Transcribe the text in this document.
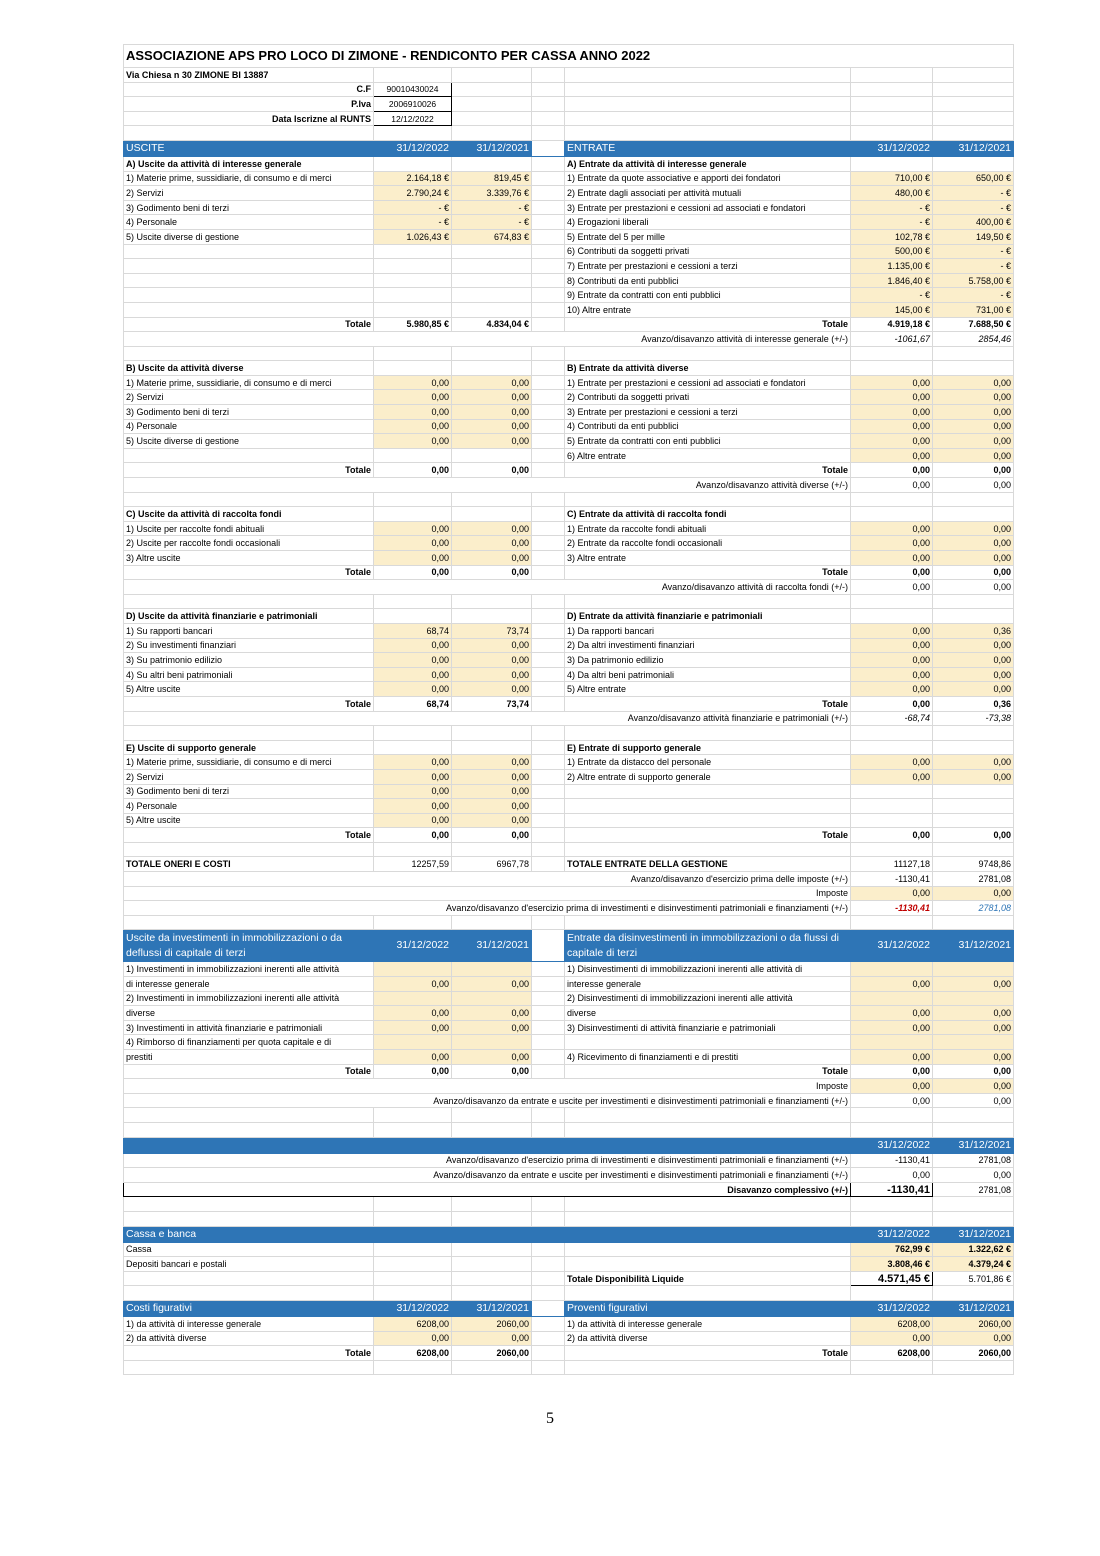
ASSOCIAZIONE APS PRO LOCO DI ZIMONE - RENDICONTO PER CASSA ANNO 2022						
Via Chiesa n 30 ZIMONE BI 13887						
C.F	90010430024					
P.Iva	2006910026					
Data Iscrizne al RUNTS	12/12/2022					

USCITE	31/12/2022	31/12/2021		ENTRATE	31/12/2022	31/12/2021
A) Uscite da attività di interesse generale				A) Entrate da attività di interesse generale		
1) Materie prime, sussidiarie, di consumo e di merci	2.164,18 €	819,45 €		1) Entrate da quote associative e apporti dei fondatori	710,00 €	650,00 €
2) Servizi	2.790,24 €	3.339,76 €		2) Entrate dagli associati per attività mutuali	480,00 €	- €
3) Godimento beni di terzi	- €	- €		3) Entrate per prestazioni e cessioni ad associati e fondatori	- €	- €
4) Personale	- €	- €		4) Erogazioni liberali	- €	400,00 €
5) Uscite diverse di gestione	1.026,43 €	674,83 €		5) Entrate del 5 per mille	102,78 €	149,50 €
				6) Contributi da soggetti privati	500,00 €	- €
				7) Entrate per prestazioni e cessioni a terzi	1.135,00 €	- €
				8) Contributi da enti pubblici	1.846,40 €	5.758,00 €
				9) Entrate da contratti con enti pubblici	- €	- €
				10) Altre entrate	145,00 €	731,00 €
Totale	5.980,85 €	4.834,04 €		Totale	4.919,18 €	7.688,50 €
Avanzo/disavanzo attività di interesse generale (+/-)					-1061,67	2854,46

B) Uscite da attività diverse				B) Entrate da attività diverse		
1) Materie prime, sussidiarie, di consumo e di merci	0,00	0,00		1) Entrate per prestazioni e cessioni ad associati e fondatori	0,00	0,00
2) Servizi	0,00	0,00		2) Contributi da soggetti privati	0,00	0,00
3) Godimento beni di terzi	0,00	0,00		3) Entrate per prestazioni e cessioni a terzi	0,00	0,00
4) Personale	0,00	0,00		4) Contributi da enti pubblici	0,00	0,00
5) Uscite diverse di gestione	0,00	0,00		5) Entrate da contratti con enti pubblici	0,00	0,00
				6) Altre entrate	0,00	0,00
Totale	0,00	0,00		Totale	0,00	0,00
Avanzo/disavanzo attività diverse (+/-)					0,00	0,00

C) Uscite da attività di raccolta fondi				C) Entrate da attività di raccolta fondi		
1) Uscite per raccolte fondi abituali	0,00	0,00		1) Entrate da raccolte fondi abituali	0,00	0,00
2) Uscite per raccolte fondi occasionali	0,00	0,00		2) Entrate da raccolte fondi occasionali	0,00	0,00
3) Altre uscite	0,00	0,00		3) Altre entrate	0,00	0,00
Totale	0,00	0,00		Totale	0,00	0,00
Avanzo/disavanzo attività di raccolta fondi (+/-)					0,00	0,00

D) Uscite da attività finanziarie e patrimoniali				D) Entrate da attività finanziarie e patrimoniali		
1) Su rapporti bancari	68,74	73,74		1) Da rapporti bancari	0,00	0,36
2) Su investimenti finanziari	0,00	0,00		2) Da altri investimenti finanziari	0,00	0,00
3) Su patrimonio edilizio	0,00	0,00		3) Da patrimonio edilizio	0,00	0,00
4) Su altri beni patrimoniali	0,00	0,00		4) Da altri beni patrimoniali	0,00	0,00
5) Altre uscite	0,00	0,00		5) Altre entrate	0,00	0,00
Totale	68,74	73,74		Totale	0,00	0,36
Avanzo/disavanzo attività finanziarie e patrimoniali (+/-)					-68,74	-73,38

E) Uscite di supporto generale				E) Entrate di supporto generale		
1) Materie prime, sussidiarie, di consumo e di merci	0,00	0,00		1) Entrate da distacco del personale	0,00	0,00
2) Servizi	0,00	0,00		2) Altre entrate di supporto generale	0,00	0,00
3) Godimento beni di terzi	0,00	0,00				
4) Personale	0,00	0,00				
5) Altre uscite	0,00	0,00				
Totale	0,00	0,00		Totale	0,00	0,00

TOTALE ONERI E COSTI	12257,59	6967,78		TOTALE ENTRATE DELLA GESTIONE	11127,18	9748,86
Avanzo/disavanzo d'esercizio prima delle imposte (+/-)					-1130,41	2781,08
Imposte					0,00	0,00
Avanzo/disavanzo d'esercizio prima di investimenti e disinvestimenti patrimoniali e finanziamenti (+/-)					-1130,41	2781,08

Uscite da investimenti in immobilizzazioni o da deflussi di capitale di terzi	31/12/2022	31/12/2021		Entrate da disinvestimenti in immobilizzazioni o da flussi di capitale di terzi	31/12/2022	31/12/2021
1) Investimenti in immobilizzazioni inerenti alle attività				1) Disinvestimenti di immobilizzazioni inerenti alle attività di		
di interesse generale	0,00	0,00		interesse generale	0,00	0,00
2) Investimenti in immobilizzazioni inerenti alle attività				2) Disinvestimenti di immobilizzazioni inerenti alle attività		
diverse	0,00	0,00		diverse	0,00	0,00
3) Investimenti in attività finanziarie e patrimoniali	0,00	0,00		3) Disinvestimenti di attività finanziarie e patrimoniali	0,00	0,00
4) Rimborso di finanziamenti per quota capitale e di						
prestiti	0,00	0,00		4) Ricevimento di finanziamenti e di prestiti	0,00	0,00
Totale	0,00	0,00		Totale	0,00	0,00
Imposte					0,00	0,00
Avanzo/disavanzo da entrate e uscite per investimenti e disinvestimenti patrimoniali e finanziamenti (+/-)					0,00	0,00

					31/12/2022	31/12/2021
Avanzo/disavanzo d'esercizio prima di investimenti e disinvestimenti patrimoniali e finanziamenti (+/-)					-1130,41	2781,08
Avanzo/disavanzo da entrate e uscite per investimenti e disinvestimenti patrimoniali e finanziamenti (+/-)					0,00	0,00
Disavanzo complessivo (+/-)					-1130,41	2781,08

Cassa e banca					31/12/2022	31/12/2021
Cassa					762,99 €	1.322,62 €
Depositi bancari e postali					3.808,46 €	4.379,24 €
				Totale Disponibilità Liquide	4.571,45 €	5.701,86 €

Costi figurativi	31/12/2022	31/12/2021		Proventi figurativi	31/12/2022	31/12/2021
1) da attività di interesse generale	6208,00	2060,00		1) da attività di interesse generale	6208,00	2060,00
2) da attività diverse	0,00	0,00		2) da attività diverse	0,00	0,00
Totale	6208,00	2060,00		Totale	6208,00	2060,00

5
